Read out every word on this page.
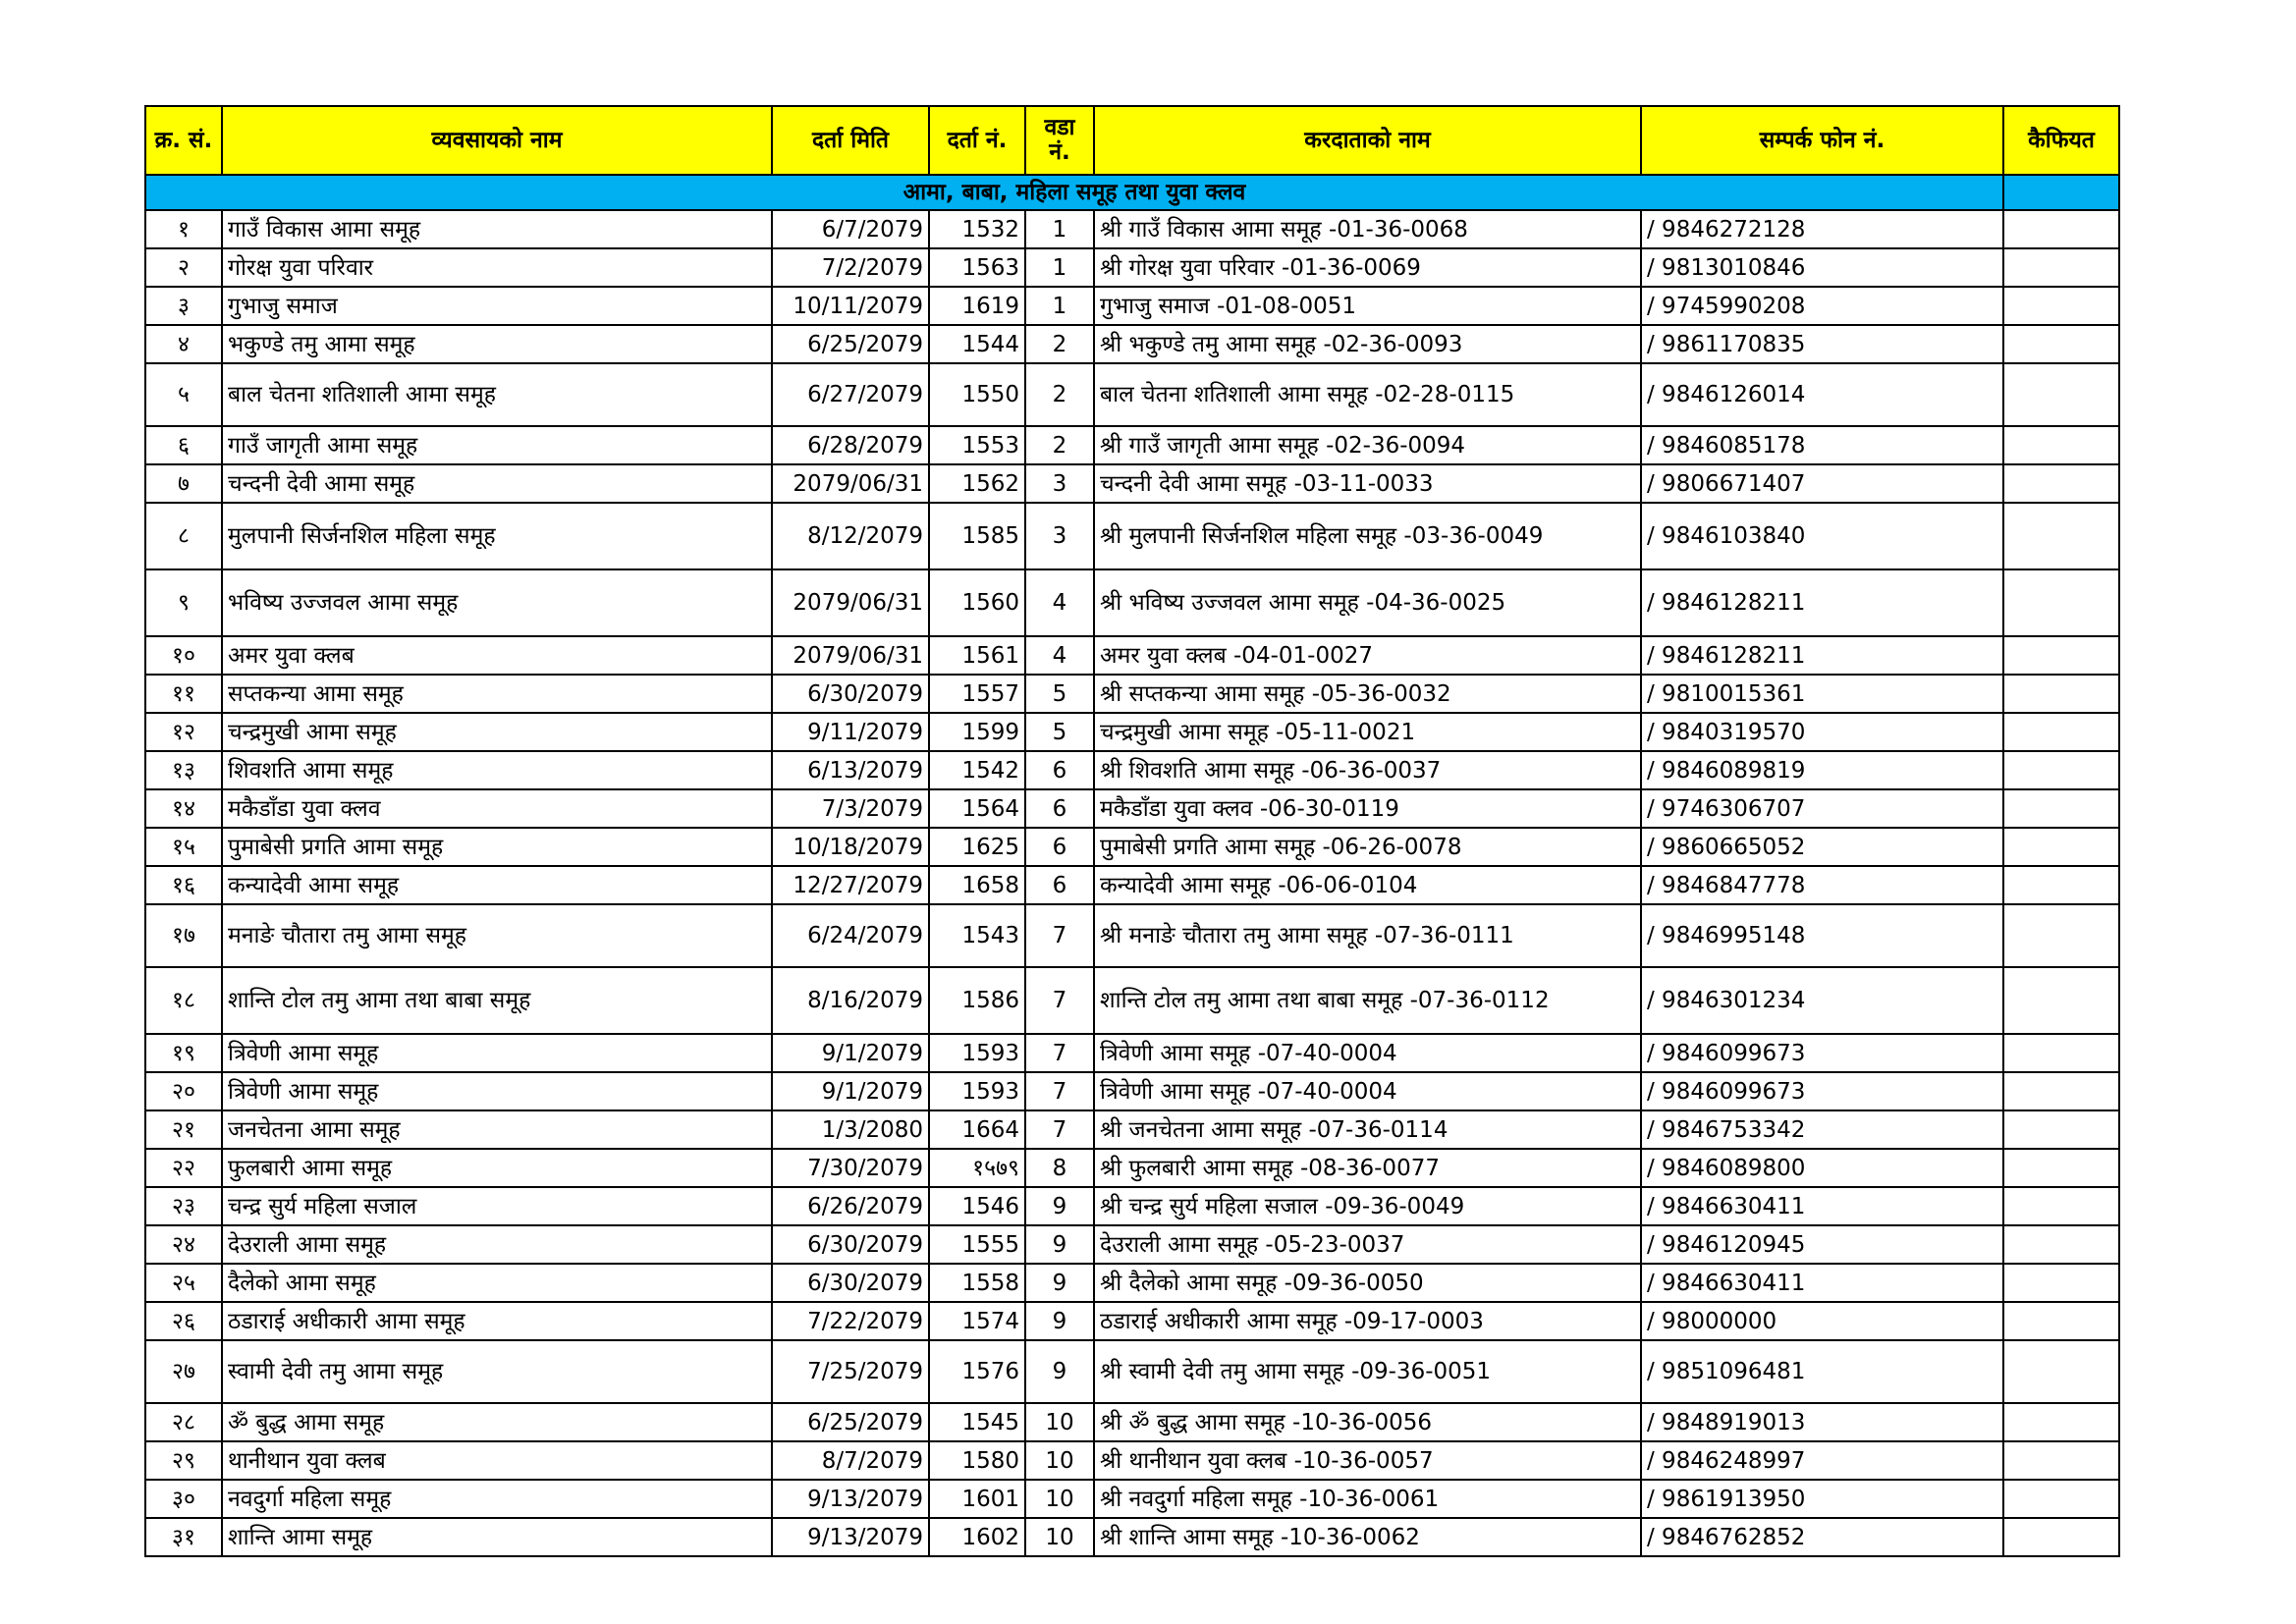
क्र. सं.	व्यवसायको नाम	दर्ता मिति	दर्ता नं.	वडा नं.	करदाताको नाम	सम्पर्क फोन नं.	कैफियत
आमा, बाबा, महिला समूह तथा युवा क्लव							
१	गाउँ विकास आमा समूह	6/7/2079	1532	1	श्री गाउँ विकास आमा समूह -01-36-0068	/ 9846272128	
२	गोरक्ष युवा परिवार	7/2/2079	1563	1	श्री गोरक्ष युवा परिवार -01-36-0069	/ 9813010846	
३	गुभाजु समाज	10/11/2079	1619	1	गुभाजु समाज -01-08-0051	/ 9745990208	
४	भकुण्डे तमु आमा समूह	6/25/2079	1544	2	श्री भकुण्डे तमु आमा समूह -02-36-0093	/ 9861170835	
५	बाल चेतना शतिशाली आमा समूह	6/27/2079	1550	2	बाल चेतना शतिशाली आमा समूह -02-28-0115	/ 9846126014	
६	गाउँ जागृती आमा समूह	6/28/2079	1553	2	श्री गाउँ जागृती आमा समूह -02-36-0094	/ 9846085178	
७	चन्दनी देवी आमा समूह	2079/06/31	1562	3	चन्दनी देवी आमा समूह -03-11-0033	/ 9806671407	
८	मुलपानी सिर्जनशिल महिला समूह	8/12/2079	1585	3	श्री मुलपानी सिर्जनशिल महिला समूह -03-36-0049	/ 9846103840	
९	भविष्य उज्जवल आमा समूह	2079/06/31	1560	4	श्री भविष्य उज्जवल आमा समूह -04-36-0025	/ 9846128211	
१०	अमर युवा क्लब	2079/06/31	1561	4	अमर युवा क्लब -04-01-0027	/ 9846128211	
११	सप्तकन्या आमा समूह	6/30/2079	1557	5	श्री सप्तकन्या आमा समूह -05-36-0032	/ 9810015361	
१२	चन्द्रमुखी आमा समूह	9/11/2079	1599	5	चन्द्रमुखी आमा समूह -05-11-0021	/ 9840319570	
१३	शिवशति आमा समूह	6/13/2079	1542	6	श्री शिवशति आमा समूह -06-36-0037	/ 9846089819	
१४	मकैडाँडा युवा क्लव	7/3/2079	1564	6	मकैडाँडा युवा क्लव -06-30-0119	/ 9746306707	
१५	पुमाबेसी प्रगति आमा समूह	10/18/2079	1625	6	पुमाबेसी प्रगति आमा समूह -06-26-0078	/ 9860665052	
१६	कन्यादेवी आमा समूह	12/27/2079	1658	6	कन्यादेवी आमा समूह -06-06-0104	/ 9846847778	
१७	मनाङे चौतारा तमु आमा समूह	6/24/2079	1543	7	श्री मनाङे चौतारा तमु आमा समूह -07-36-0111	/ 9846995148	
१८	शान्ति टोल तमु आमा तथा बाबा समूह	8/16/2079	1586	7	शान्ति टोल तमु आमा तथा बाबा समूह -07-36-0112	/ 9846301234	
१९	त्रिवेणी आमा समूह	9/1/2079	1593	7	त्रिवेणी आमा समूह -07-40-0004	/ 9846099673	
२०	त्रिवेणी आमा समूह	9/1/2079	1593	7	त्रिवेणी आमा समूह -07-40-0004	/ 9846099673	
२१	जनचेतना आमा समूह	1/3/2080	1664	7	श्री जनचेतना आमा समूह -07-36-0114	/ 9846753342	
२२	फुलबारी आमा समूह	7/30/2079	१५७९	8	श्री फुलबारी आमा समूह -08-36-0077	/ 9846089800	
२३	चन्द्र सुर्य महिला सजाल	6/26/2079	1546	9	श्री चन्द्र सुर्य महिला सजाल -09-36-0049	/ 9846630411	
२४	देउराली आमा समूह	6/30/2079	1555	9	देउराली आमा समूह -05-23-0037	/ 9846120945	
२५	दैलेको आमा समूह	6/30/2079	1558	9	श्री दैलेको आमा समूह -09-36-0050	/ 9846630411	
२६	ठडाराई अधीकारी आमा समूह	7/22/2079	1574	9	ठडाराई अधीकारी आमा समूह -09-17-0003	/ 98000000	
२७	स्वामी देवी तमु आमा समूह	7/25/2079	1576	9	श्री स्वामी देवी तमु आमा समूह -09-36-0051	/ 9851096481	
२८	ॐ बुद्ध आमा समूह	6/25/2079	1545	10	श्री ॐ बुद्ध आमा समूह -10-36-0056	/ 9848919013	
२९	थानीथान युवा क्लब	8/7/2079	1580	10	श्री थानीथान युवा क्लब -10-36-0057	/ 9846248997	
३०	नवदुर्गा महिला समूह	9/13/2079	1601	10	श्री नवदुर्गा महिला समूह -10-36-0061	/ 9861913950	
३१	शान्ति आमा समूह	9/13/2079	1602	10	श्री शान्ति आमा समूह -10-36-0062	/ 9846762852	
